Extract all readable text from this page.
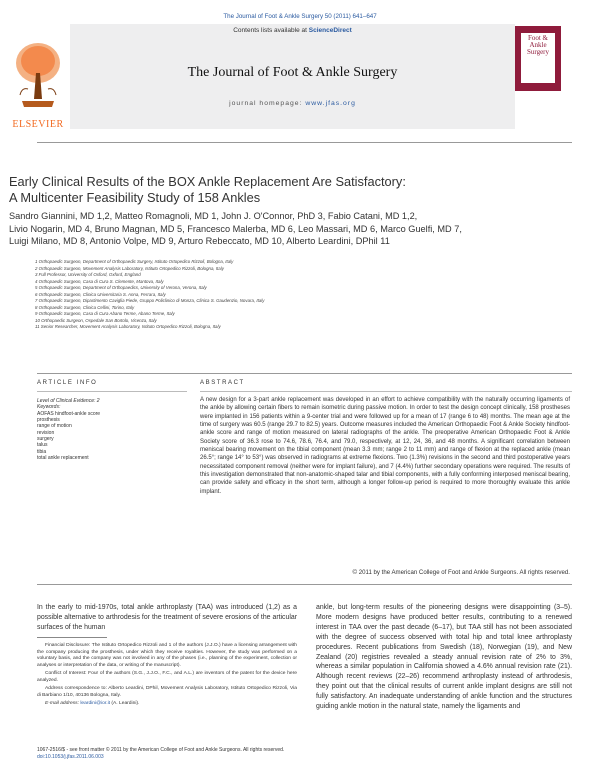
The Journal of Foot & Ankle Surgery 50 (2011) 641–647
ELSEVIER
Contents lists available at ScienceDirect
The Journal of Foot & Ankle Surgery
journal homepage: www.jfas.org
Foot & Ankle Surgery
Early Clinical Results of the BOX Ankle Replacement Are Satisfactory:
A Multicenter Feasibility Study of 158 Ankles
Sandro Giannini, MD 1,2, Matteo Romagnoli, MD 1, John J. O'Connor, PhD 3, Fabio Catani, MD 1,2,
Livio Nogarin, MD 4, Bruno Magnan, MD 5, Francesco Malerba, MD 6, Leo Massari, MD 6, Marco Guelfi, MD 7,
Luigi Milano, MD 8, Antonio Volpe, MD 9, Arturo Rebeccato, MD 10, Alberto Leardini, DPhil 11
1 Orthopaedic Surgeon, Department of Orthopaedic Surgery, Istituto Ortopedico Rizzoli, Bologna, Italy
2 Orthopaedic Surgeon, Movement Analysis Laboratory, Istituto Ortopedico Rizzoli, Bologna, Italy
3 Full Professor, University of Oxford, Oxford, England
4 Orthopaedic Surgeon, Casa di Cura S. Clemente, Mantova, Italy
5 Orthopaedic Surgeon, Department of Orthopaedics, University of Verona, Verona, Italy
6 Orthopaedic Surgeon, Clinica Universitaria S. Anna, Ferrara, Italy
7 Orthopaedic Surgeon, Dipartimento Caviglia Piede, Gruppo Policlinico di Monza, Clinica S. Gaudenzio, Novara, Italy
8 Orthopaedic Surgeon, Clinica Cellini, Torino, Italy
9 Orthopaedic Surgeon, Casa di Cura Abano Terme, Abano Terme, Italy
10 Orthopaedic Surgeon, Ospedale San Bortolo, Vicenza, Italy
11 Senior Researcher, Movement Analysis Laboratory, Istituto Ortopedico Rizzoli, Bologna, Italy
ARTICLE INFO	ABSTRACT
Level of Clinical Evidence: 2
Keywords:
AOFAS hindfoot-ankle score
prosthesis
range of motion
revision
surgery
talus
tibia
total ankle replacement
A new design for a 3-part ankle replacement was developed in an effort to achieve compatibility with the naturally occurring ligaments of the ankle by allowing certain fibers to remain isometric during passive motion. In order to test the design concept clinically, 158 prostheses were implanted in 156 patients within a 9-center trial and were followed up for a mean of 17 (range 6 to 48) months. The mean age at the time of surgery was 60.5 (range 29.7 to 82.5) years. Outcome measures included the American Orthopaedic Foot & Ankle Society hindfoot-ankle score and range of motion measured on lateral radiographs of the ankle. The preoperative American Orthopaedic Foot & Ankle Society score of 36.3 rose to 74.6, 78.6, 76.4, and 79.0, respectively, at 12, 24, 36, and 48 months. A significant correlation between meniscal bearing movement on the tibial component (mean 3.3 mm; range 2 to 11 mm) and range of flexion at the replaced ankle (mean 26.5°; range 14° to 53°) was observed in radiograms at extreme flexions. Two (1.3%) revisions in the second and third postoperative years necessitated component removal (neither were for implant failure), and 7 (4.4%) further secondary operations were required. The results of this investigation demonstrated that non-anatomic-shaped talar and tibial components, with a fully conforming interposed meniscal bearing, can provide safety and efficacy in the short term, although a longer follow-up period is required to more thoroughly evaluate this ankle implant.
© 2011 by the American College of Foot and Ankle Surgeons. All rights reserved.
In the early to mid-1970s, total ankle arthroplasty (TAA) was introduced (1,2) as a possible alternative to arthrodesis for the treatment of severe erosions of the articular surfaces of the human

Financial Disclosure: The Istituto Ortopedico Rizzoli and 1 of the authors (J.J.O.) have a licensing arrangement with the company producing the prosthesis, under which they receive royalties. However, the study was performed on a voluntary basis, and the company was not involved in any of the phases (i.e., planning of the experiment, collection or analyses or interpretation of the data, or writing of the manuscript).

Conflict of Interest: Four of the authors (S.G., J.J.O., F.C., and A.L.) are inventors of the patent for the device here analyzed.

Address correspondence to: Alberto Leardini, DPhil, Movement Analysis Laboratory, Istituto Ortopedico Rizzoli, Via di Barbiano 1/10, 40136 Bologna, Italy.

E-mail address: leardini@ior.it (A. Leardini).

1067-2516/$ - see front matter © 2011 by the American College of Foot and Ankle Surgeons. All rights reserved.
doi:10.1053/j.jfas.2011.06.003
ankle, but long-term results of the pioneering designs were disappointing (3–5). More modern designs have produced better results, contributing to a renewed interest in TAA over the past decade (6–17), but TAA still has not been associated with the degree of success observed with total hip and total knee arthroplasty procedures. Recent publications from Swedish (18), Norwegian (19), and New Zealand (20) registries revealed a steady annual revision rate of 2% to 3%, whereas a similar population in California showed a 4.6% annual revision rate (21). Although recent reviews (22–26) recommend arthroplasty instead of arthrodesis, they point out that the clinical results of current ankle implant designs are still not fully satisfactory. An inadequate understanding of ankle function and the structures guiding ankle motion in the natural state, namely the ligaments and
